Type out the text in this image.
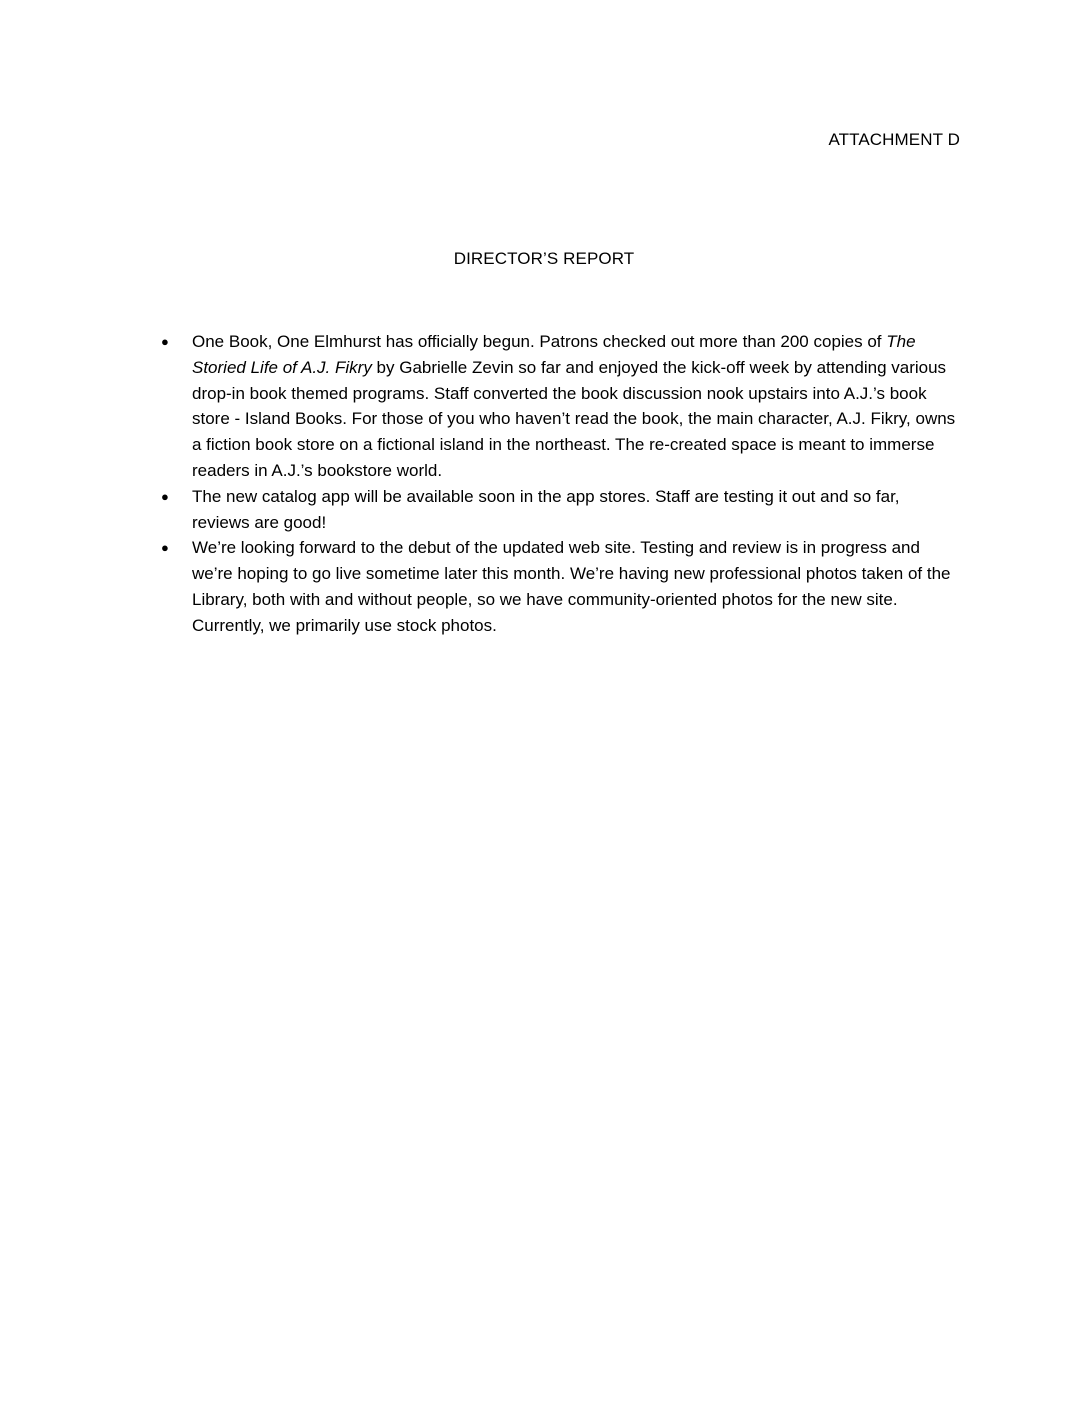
ATTACHMENT D
DIRECTOR’S REPORT
● One Book, One Elmhurst has officially begun. Patrons checked out more than 200 copies of The Storied Life of A.J. Fikry by Gabrielle Zevin so far and enjoyed the kick-off week by attending various drop-in book themed programs. Staff converted the book discussion nook upstairs into A.J.’s book store - Island Books. For those of you who haven’t read the book, the main character, A.J. Fikry, owns a fiction book store on a fictional island in the northeast. The re-created space is meant to immerse readers in A.J.’s bookstore world.
● The new catalog app will be available soon in the app stores. Staff are testing it out and so far, reviews are good!
● We’re looking forward to the debut of the updated web site. Testing and review is in progress and we’re hoping to go live sometime later this month. We’re having new professional photos taken of the Library, both with and without people, so we have community-oriented photos for the new site. Currently, we primarily use stock photos.
